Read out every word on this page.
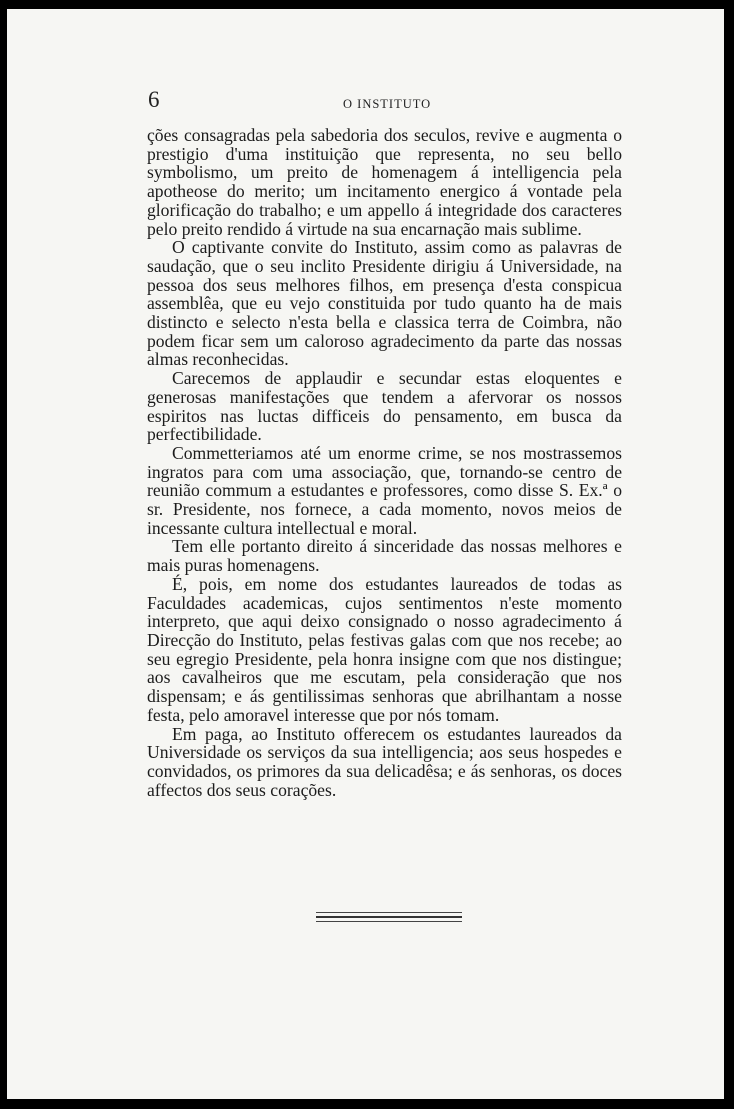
6	O INSTITUTO

ções consagradas pela sabedoria dos seculos, revive e augmenta o prestigio d'uma instituição que representa, no seu bello symbolismo, um preito de homenagem á intelligencia pela apotheose do merito; um incitamento energico á vontade pela glorificação do trabalho; e um appello á integridade dos caracteres pelo preito rendido á virtude na sua encarnação mais sublime.

O captivante convite do Instituto, assim como as palavras de saudação, que o seu inclito Presidente dirigiu á Universidade, na pessoa dos seus melhores filhos, em presença d'esta conspicua assemblêa, que eu vejo constituida por tudo quanto ha de mais distincto e selecto n'esta bella e classica terra de Coimbra, não podem ficar sem um caloroso agradecimento da parte das nossas almas reconhecidas.

Carecemos de applaudir e secundar estas eloquentes e generosas manifestações que tendem a afervorar os nossos espiritos nas luctas difficeis do pensamento, em busca da perfectibilidade.

Commetteriamos até um enorme crime, se nos mostrassemos ingratos para com uma associação, que, tornando-se centro de reunião commum a estudantes e professores, como disse S. Ex.ª o sr. Presidente, nos fornece, a cada momento, novos meios de incessante cultura intellectual e moral.

Tem elle portanto direito á sinceridade das nossas melhores e mais puras homenagens.

É, pois, em nome dos estudantes laureados de todas as Faculdades academicas, cujos sentimentos n'este momento interpreto, que aqui deixo consignado o nosso agradecimento á Direcção do Instituto, pelas festivas galas com que nos recebe; ao seu egregio Presidente, pela honra insigne com que nos distingue; aos cavalheiros que me escutam, pela consideração que nos dispensam; e ás gentilissimas senhoras que abrilhantam a nosse festa, pelo amoravel interesse que por nós tomam.

Em paga, ao Instituto offerecem os estudantes laureados da Universidade os serviços da sua intelligencia; aos seus hospedes e convidados, os primores da sua delicadêsa; e ás senhoras, os doces affectos dos seus corações.
